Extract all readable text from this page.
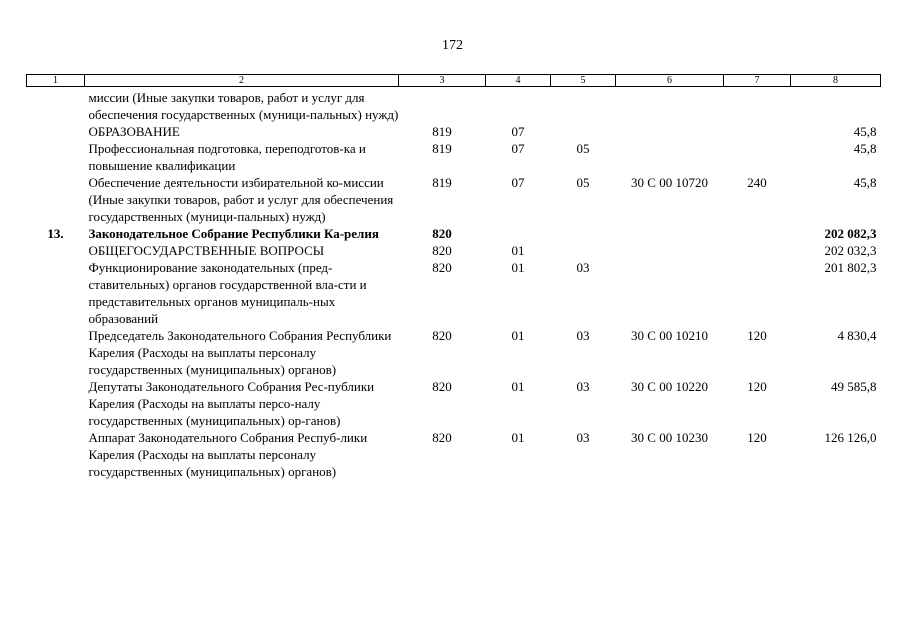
172
1	2	3	4	5	6	7	8
	миссии (Иные закупки товаров, работ и услуг для обеспечения государственных (муници-пальных) нужд)						
	ОБРАЗОВАНИЕ	819	07				45,8
	Профессиональная подготовка, переподготов-ка и повышение квалификации	819	07	05			45,8
	Обеспечение деятельности избирательной ко-миссии (Иные закупки товаров, работ и услуг для обеспечения государственных (муници-пальных) нужд)	819	07	05	30 С 00 10720	240	45,8
13.	Законодательное Собрание Республики Ка-релия	820					202 082,3
	ОБЩЕГОСУДАРСТВЕННЫЕ ВОПРОСЫ	820	01				202 032,3
	Функционирование законодательных (пред-ставительных) органов государственной вла-сти и представительных органов муниципаль-ных образований	820	01	03			201 802,3
	Председатель Законодательного Собрания Республики Карелия (Расходы на выплаты персоналу государственных (муниципальных) органов)	820	01	03	30 С 00 10210	120	4 830,4
	Депутаты Законодательного Собрания Рес-публики Карелия (Расходы на выплаты персо-налу государственных (муниципальных) ор-ганов)	820	01	03	30 С 00 10220	120	49 585,8
	Аппарат Законодательного Собрания Респуб-лики Карелия (Расходы на выплаты персоналу государственных (муниципальных) органов)	820	01	03	30 С 00 10230	120	126 126,0
